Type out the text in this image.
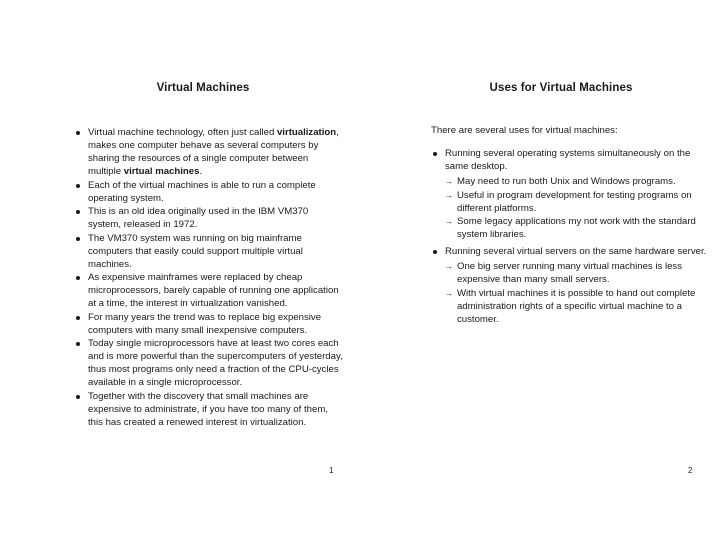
Virtual Machines
1
Virtual machine technology, often just called virtualization, makes one computer behave as several computers by sharing the resources of a single computer between multiple virtual machines.
Each of the virtual machines is able to run a complete operating system.
This is an old idea originally used in the IBM VM370 system, released in 1972.
The VM370 system was running on big mainframe computers that easily could support multiple virtual machines.
As expensive mainframes were replaced by cheap microprocessors, barely capable of running one application at a time, the interest in virtualization vanished.
For many years the trend was to replace big expensive computers with many small inexpensive computers.
Today single microprocessors have at least two cores each and is more powerful than the supercomputers of yesterday, thus most programs only need a fraction of the CPU-cycles available in a single microprocessor.
Together with the discovery that small machines are expensive to administrate, if you have too many of them, this has created a renewed interest in virtualization.
Uses for Virtual Machines
2
There are several uses for virtual machines:
Running several operating systems simultaneously on the same desktop.
→ May need to run both Unix and Windows programs.
→ Useful in program development for testing programs on different platforms.
→ Some legacy applications my not work with the standard system libraries.
Running several virtual servers on the same hardware server.
→ One big server running many virtual machines is less expensive than many small servers.
→ With virtual machines it is possible to hand out complete administration rights of a specific virtual machine to a customer.
